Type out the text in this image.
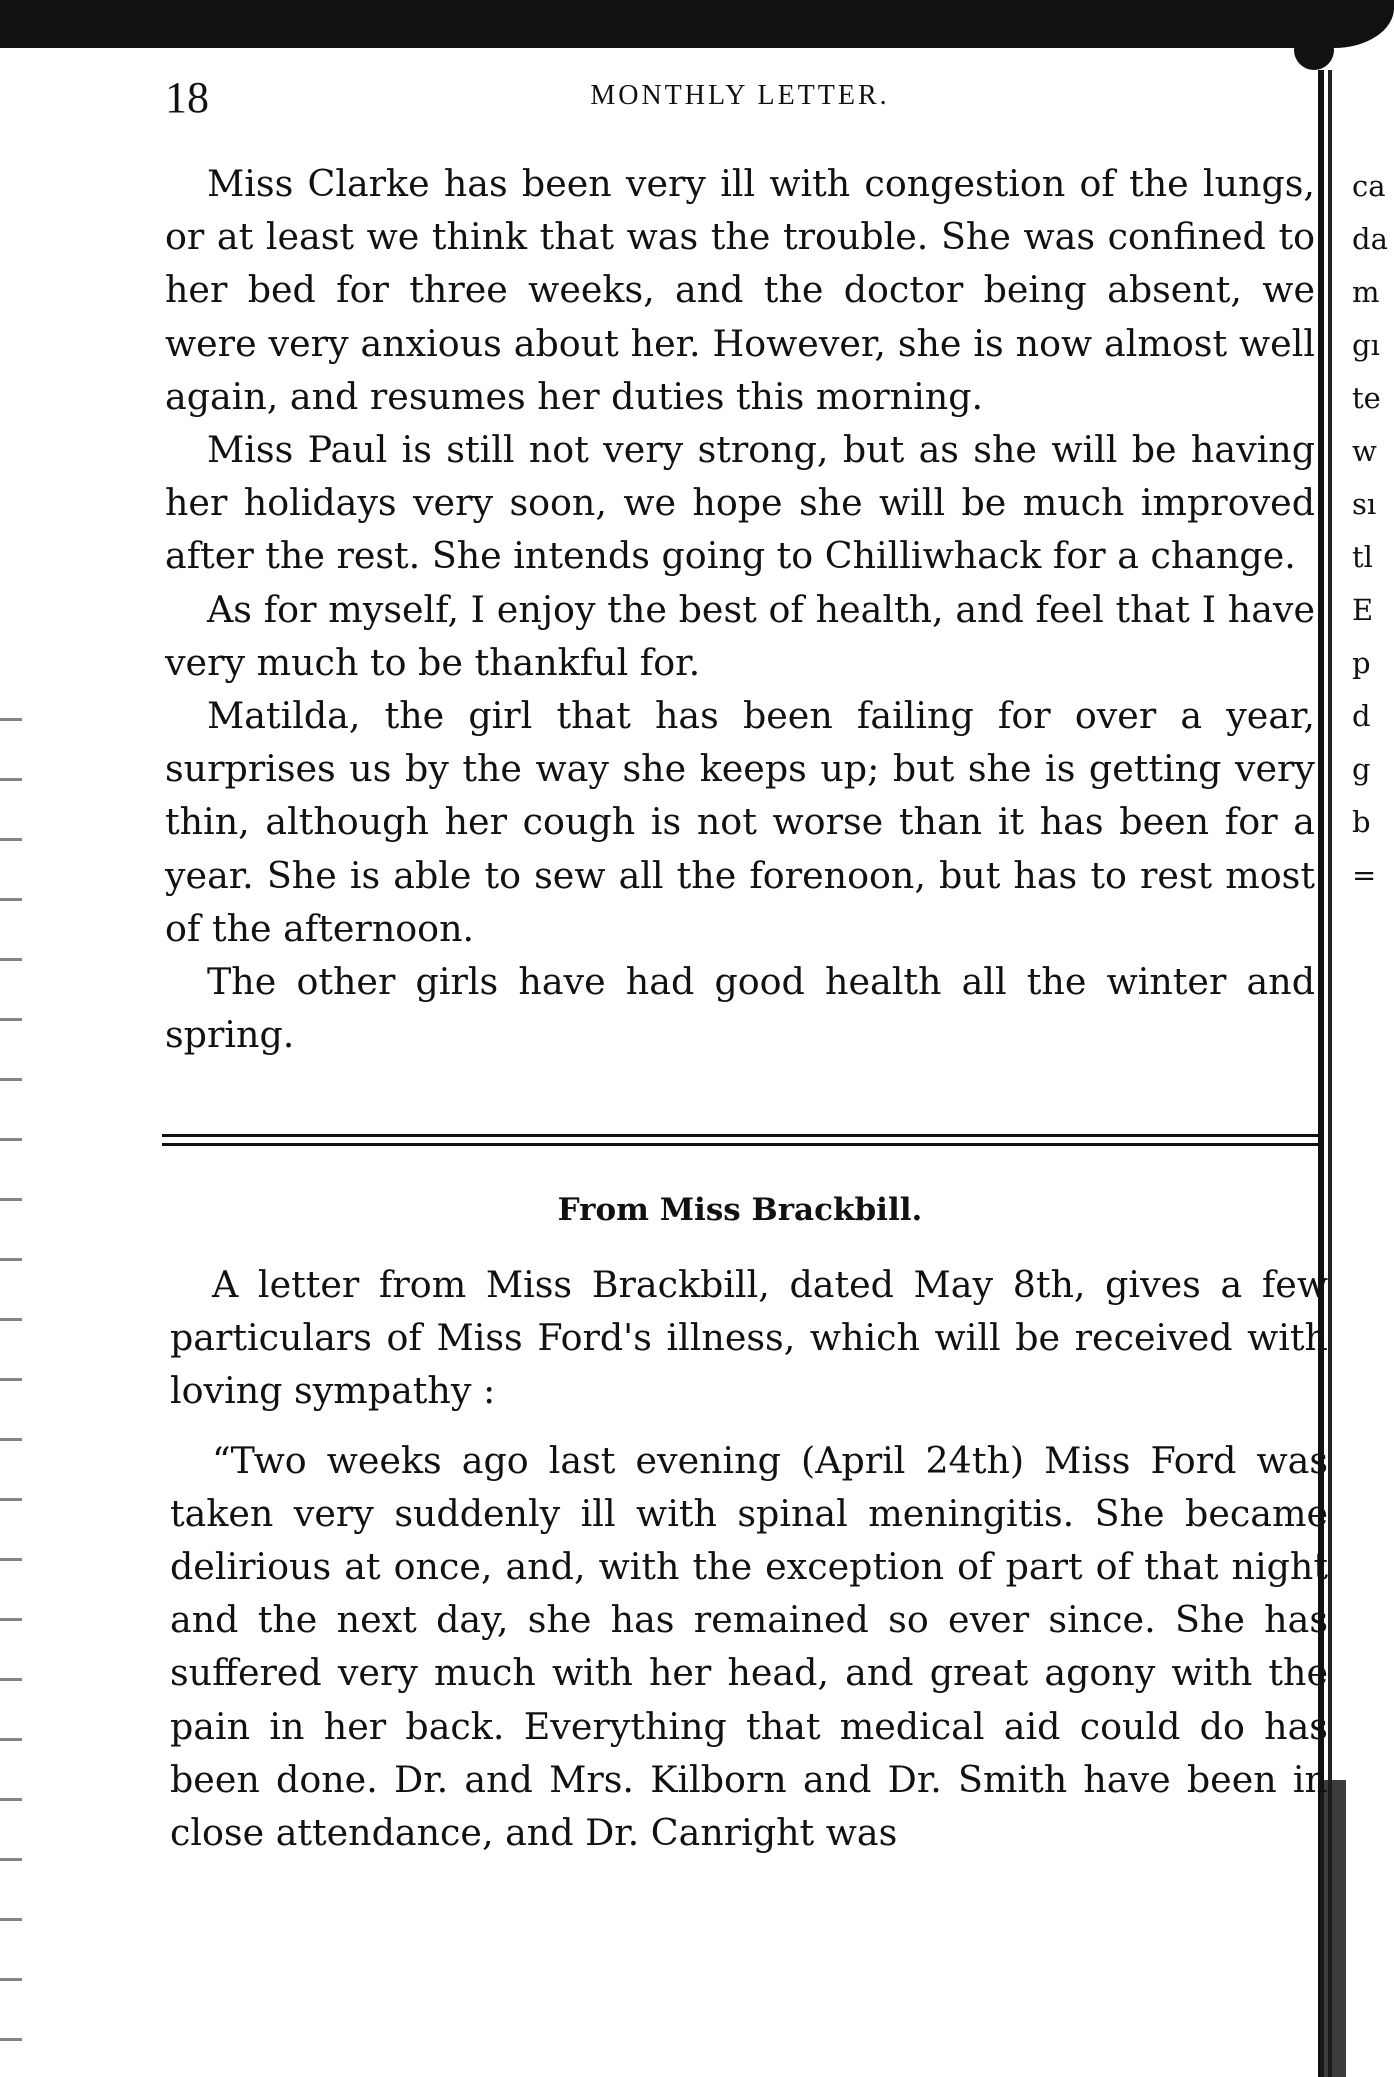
ca
da
m
gı
te
w
sı
tl
E
p
d
g
b
=
18	MONTHLY LETTER.

Miss Clarke has been very ill with congestion of the lungs, or at least we think that was the trouble. She was confined to her bed for three weeks, and the doctor being absent, we were very anxious about her. However, she is now almost well again, and resumes her duties this morning.

Miss Paul is still not very strong, but as she will be having her holidays very soon, we hope she will be much improved after the rest. She intends going to Chilliwhack for a change.

As for myself, I enjoy the best of health, and feel that I have very much to be thankful for.

Matilda, the girl that has been failing for over a year, surprises us by the way she keeps up; but she is getting very thin, although her cough is not worse than it has been for a year. She is able to sew all the forenoon, but has to rest most of the afternoon.

The other girls have had good health all the winter and spring.

From Miss Brackbill.

A letter from Miss Brackbill, dated May 8th, gives a few particulars of Miss Ford's illness, which will be received with loving sympathy :

“Two weeks ago last evening (April 24th) Miss Ford was taken very suddenly ill with spinal meningitis. She became delirious at once, and, with the exception of part of that night and the next day, she has remained so ever since. She has suffered very much with her head, and great agony with the pain in her back. Everything that medical aid could do has been done. Dr. and Mrs. Kilborn and Dr. Smith have been in close attendance, and Dr. Canright was
